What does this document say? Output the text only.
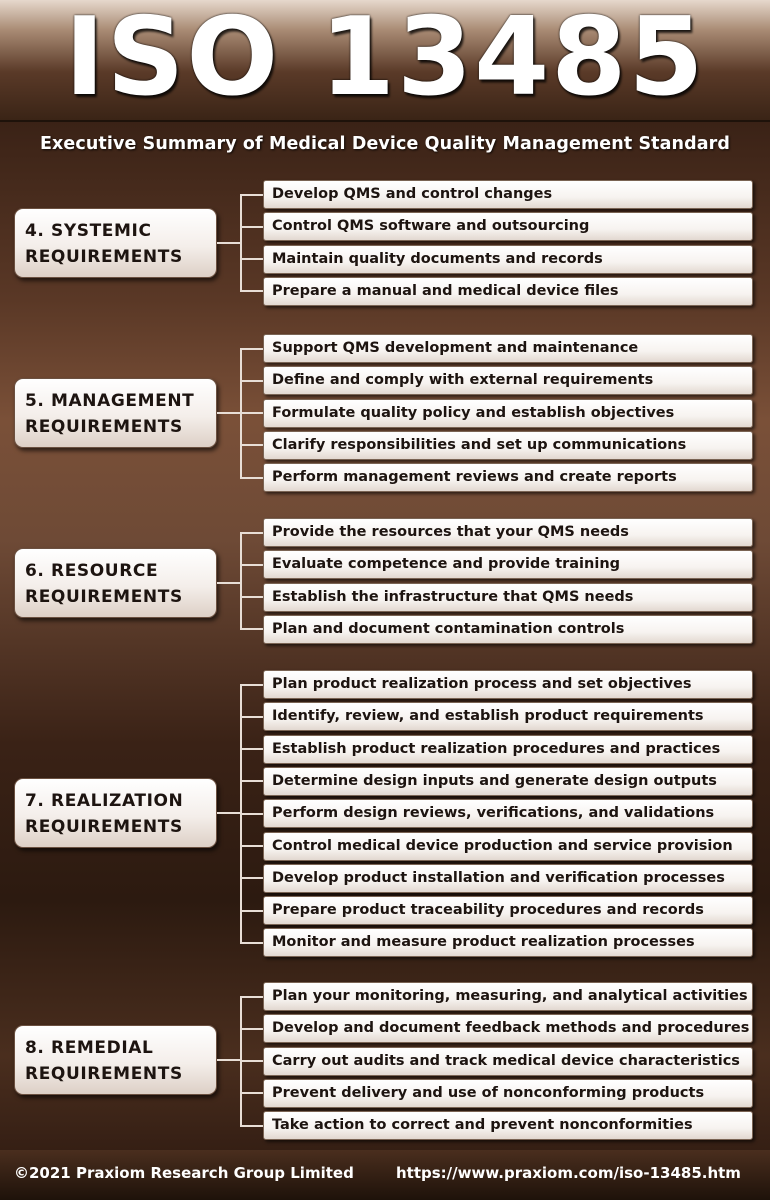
ISO 13485
Executive Summary of Medical Device Quality Management Standard
4. SYSTEMIC
REQUIREMENTS
Develop QMS and control changes
Control QMS software and outsourcing
Maintain quality documents and records
Prepare a manual and medical device files
5. MANAGEMENT
REQUIREMENTS
Support QMS development and maintenance
Define and comply with external requirements
Formulate quality policy and establish objectives
Clarify responsibilities and set up communications
Perform management reviews and create reports
6. RESOURCE
REQUIREMENTS
Provide the resources that your QMS needs
Evaluate competence and provide training
Establish the infrastructure that QMS needs
Plan and document contamination controls
7. REALIZATION
REQUIREMENTS
Plan product realization process and set objectives
Identify, review, and establish product requirements
Establish product realization procedures and practices
Determine design inputs and generate design outputs
Perform design reviews, verifications, and validations
Control medical device production and service provision
Develop product installation and verification processes
Prepare product traceability procedures and records
Monitor and measure product realization processes
8. REMEDIAL
REQUIREMENTS
Plan your monitoring, measuring, and analytical activities
Develop and document feedback methods and procedures
Carry out audits and track medical device characteristics
Prevent delivery and use of nonconforming products
Take action to correct and prevent nonconformities
©2021 Praxiom Research Group Limited	https://www.praxiom.com/iso-13485.htm
